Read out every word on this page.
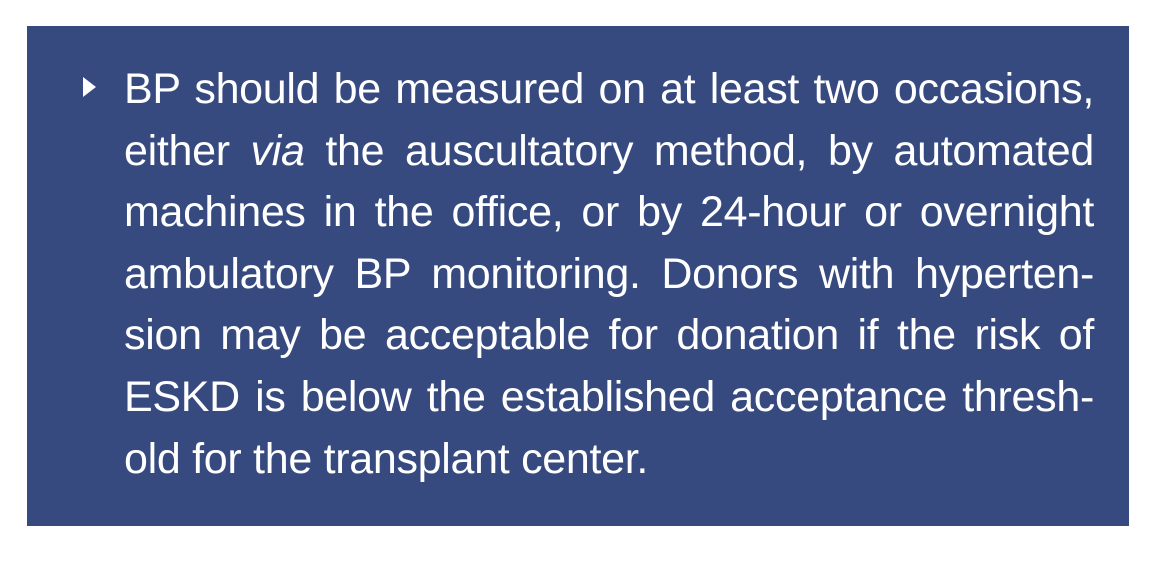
BP should be measured on at least two occasions,
either via the auscultatory method, by automated
machines in the office, or by 24-hour or overnight
ambulatory BP monitoring. Donors with hyperten-
sion may be acceptable for donation if the risk of
ESKD is below the established acceptance thresh-
old for the transplant center.
